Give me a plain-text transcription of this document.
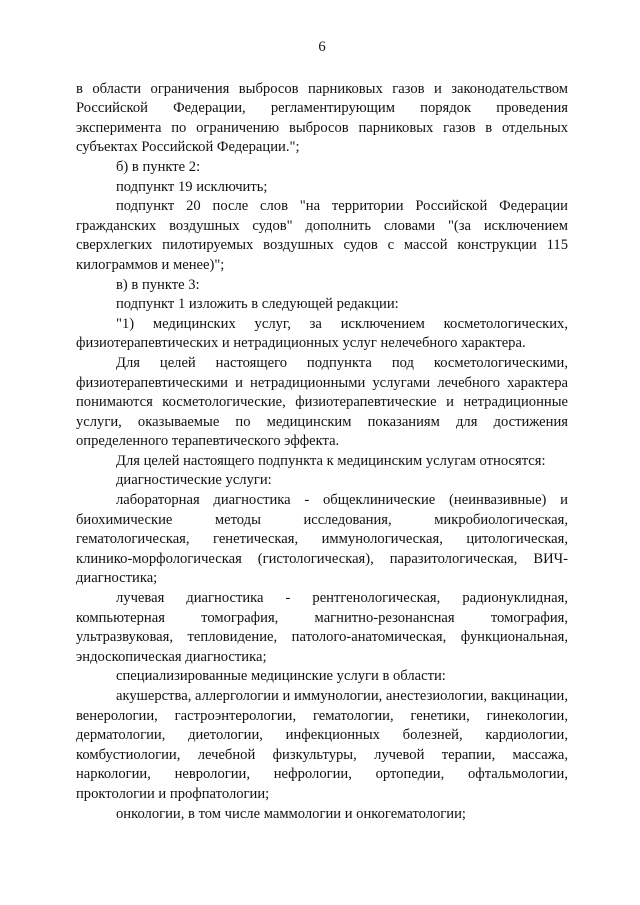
6

в области ограничения выбросов парниковых газов и законодательством Российской Федерации, регламентирующим порядок проведения эксперимента по ограничению выбросов парниковых газов в отдельных субъектах Российской Федерации.";

б) в пункте 2:

подпункт 19 исключить;

подпункт 20 после слов "на территории Российской Федерации гражданских воздушных судов" дополнить словами "(за исключением сверхлегких пилотируемых воздушных судов с массой конструкции 115 килограммов и менее)";

в) в пункте 3:

подпункт 1 изложить в следующей редакции:

"1) медицинских услуг, за исключением косметологических, физиотерапевтических и нетрадиционных услуг нелечебного характера.

Для целей настоящего подпункта под косметологическими, физиотерапевтическими и нетрадиционными услугами лечебного характера понимаются косметологические, физиотерапевтические и нетрадиционные услуги, оказываемые по медицинским показаниям для достижения определенного терапевтического эффекта.

Для целей настоящего подпункта к медицинским услугам относятся:

диагностические услуги:

лабораторная диагностика - общеклинические (неинвазивные) и биохимические методы исследования, микробиологическая, гематологическая, генетическая, иммунологическая, цитологическая, клинико-морфологическая (гистологическая), паразитологическая, ВИЧ-диагностика;

лучевая диагностика - рентгенологическая, радионуклидная, компьютерная томография, магнитно-резонансная томография, ультразвуковая, тепловидение, патолого-анатомическая, функциональная, эндоскопическая диагностика;

специализированные медицинские услуги в области:

акушерства, аллергологии и иммунологии, анестезиологии, вакцинации, венерологии, гастроэнтерологии, гематологии, генетики, гинекологии, дерматологии, диетологии, инфекционных болезней, кардиологии, комбустиологии, лечебной физкультуры, лучевой терапии, массажа, наркологии, неврологии, нефрологии, ортопедии, офтальмологии, проктологии и профпатологии;

онкологии, в том числе маммологии и онкогематологии;
